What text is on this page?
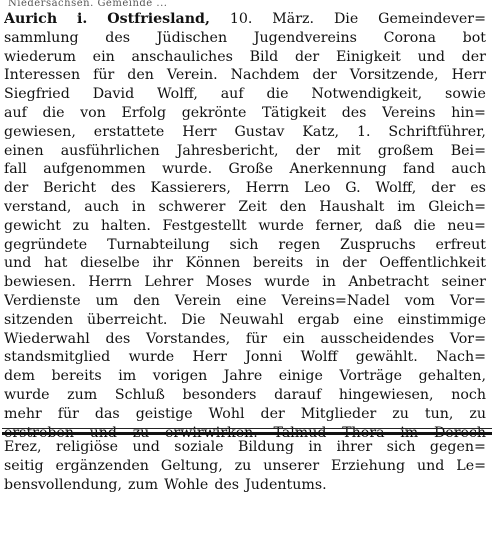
Niedersachsen. Gemeinde ...
Aurich i. Ostfriesland, 10. März. Die Gemeindever=
sammlung des Jüdischen Jugendvereins Corona bot
wiederum ein anschauliches Bild der Einigkeit und der
Interessen für den Verein. Nachdem der Vorsitzende, Herr
Siegfried David Wolff, auf die Notwendigkeit, sowie
auf die von Erfolg gekrönte Tätigkeit des Vereins hin=
gewiesen, erstattete Herr Gustav Katz, 1. Schriftführer,
einen ausführlichen Jahresbericht, der mit großem Bei=
fall aufgenommen wurde. Große Anerkennung fand auch
der Bericht des Kassierers, Herrn Leo G. Wolff, der es
verstand, auch in schwerer Zeit den Haushalt im Gleich=
gewicht zu halten. Festgestellt wurde ferner, daß die neu=
gegründete Turnabteilung sich regen Zuspruchs erfreut
und hat dieselbe ihr Können bereits in der Oeffentlichkeit
bewiesen. Herrn Lehrer Moses wurde in Anbetracht seiner
Verdienste um den Verein eine Vereins=Nadel vom Vor=
sitzenden überreicht. Die Neuwahl ergab eine einstimmige
Wiederwahl des Vorstandes, für ein ausscheidendes Vor=
standsmitglied wurde Herr Jonni Wolff gewählt. Nach=
dem bereits im vorigen Jahre einige Vorträge gehalten,
wurde zum Schluß besonders darauf hingewiesen, noch
mehr für das geistige Wohl der Mitglieder zu tun, zu
Erez, religiöse und soziale Bildung in ihrer sich gegen=
seitig ergänzenden Geltung, zu unserer Erziehung und Le=
bensvollendung, zum Wohle des Judentums.
